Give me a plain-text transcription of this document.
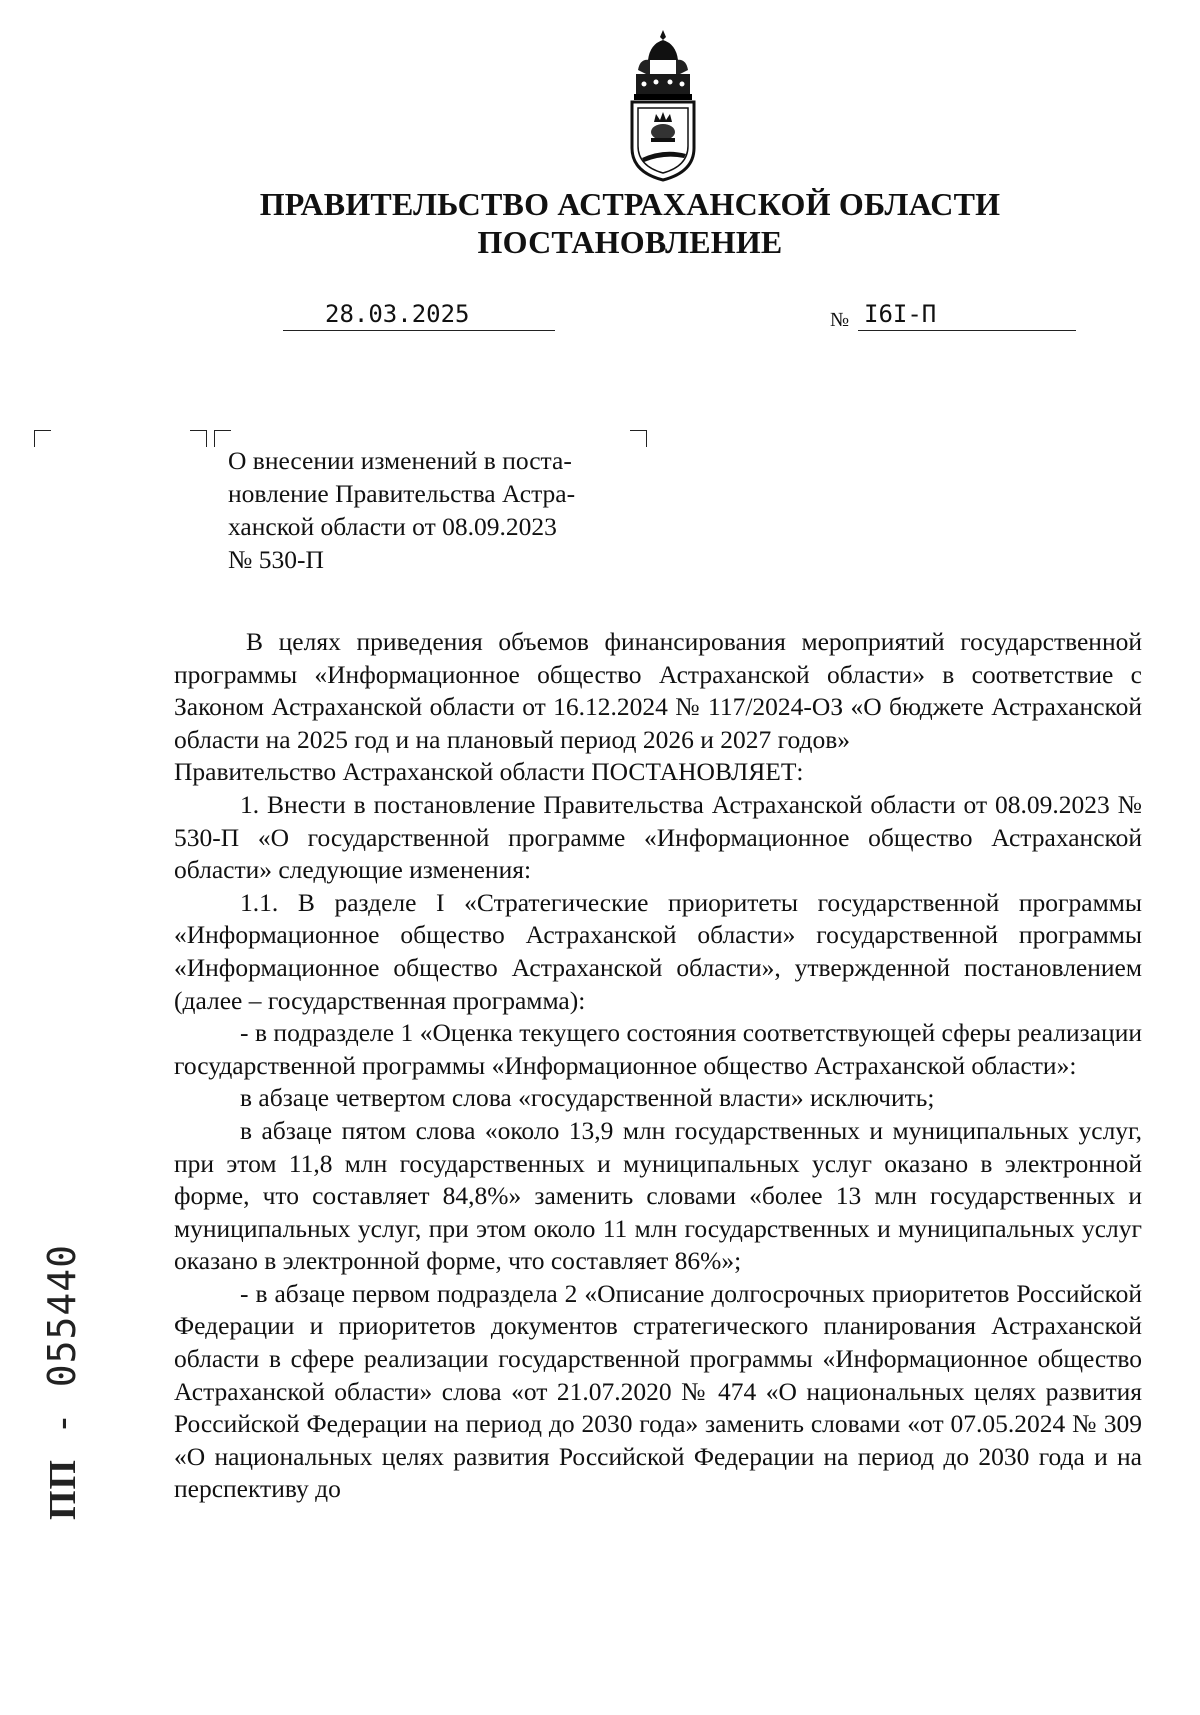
ПРАВИТЕЛЬСТВО АСТРАХАНСКОЙ ОБЛАСТИ
ПОСТАНОВЛЕНИЕ
28.03.2025	№ I6I-П
О внесении изменений в поста-
новление Правительства Астра-
ханской области от 08.09.2023
№ 530-П

В целях приведения объемов финансирования мероприятий государственной программы «Информационное общество Астраханской области» в соответствие с Законом Астраханской области от 16.12.2024 № 117/2024-ОЗ «О бюджете Астраханской области на 2025 год и на плановый период 2026 и 2027 годов»

Правительство Астраханской области ПОСТАНОВЛЯЕТ:

1. Внести в постановление Правительства Астраханской области от 08.09.2023 № 530-П «О государственной программе «Информационное общество Астраханской области» следующие изменения:

1.1. В разделе I «Стратегические приоритеты государственной программы «Информационное общество Астраханской области» государственной программы «Информационное общество Астраханской области», утвержденной постановлением (далее – государственная программа):

- в подразделе 1 «Оценка текущего состояния соответствующей сферы реализации государственной программы «Информационное общество Астраханской области»:

в абзаце четвертом слова «государственной власти» исключить;

в абзаце пятом слова «около 13,9 млн государственных и муниципальных услуг, при этом 11,8 млн государственных и муниципальных услуг оказано в электронной форме, что составляет 84,8%» заменить словами «более 13 млн государственных и муниципальных услуг, при этом около 11 млн государственных и муниципальных услуг оказано в электронной форме, что составляет 86%»;

- в абзаце первом подраздела 2 «Описание долгосрочных приоритетов Российской Федерации и приоритетов документов стратегического планирования Астраханской области в сфере реализации государственной программы «Информационное общество Астраханской области» слова «от 21.07.2020 № 474 «О национальных целях развития Российской Федерации на период до 2030 года» заменить словами «от 07.05.2024 № 309 «О национальных целях развития Российской Федерации на период до 2030 года и на перспективу до

ПП - 055440
